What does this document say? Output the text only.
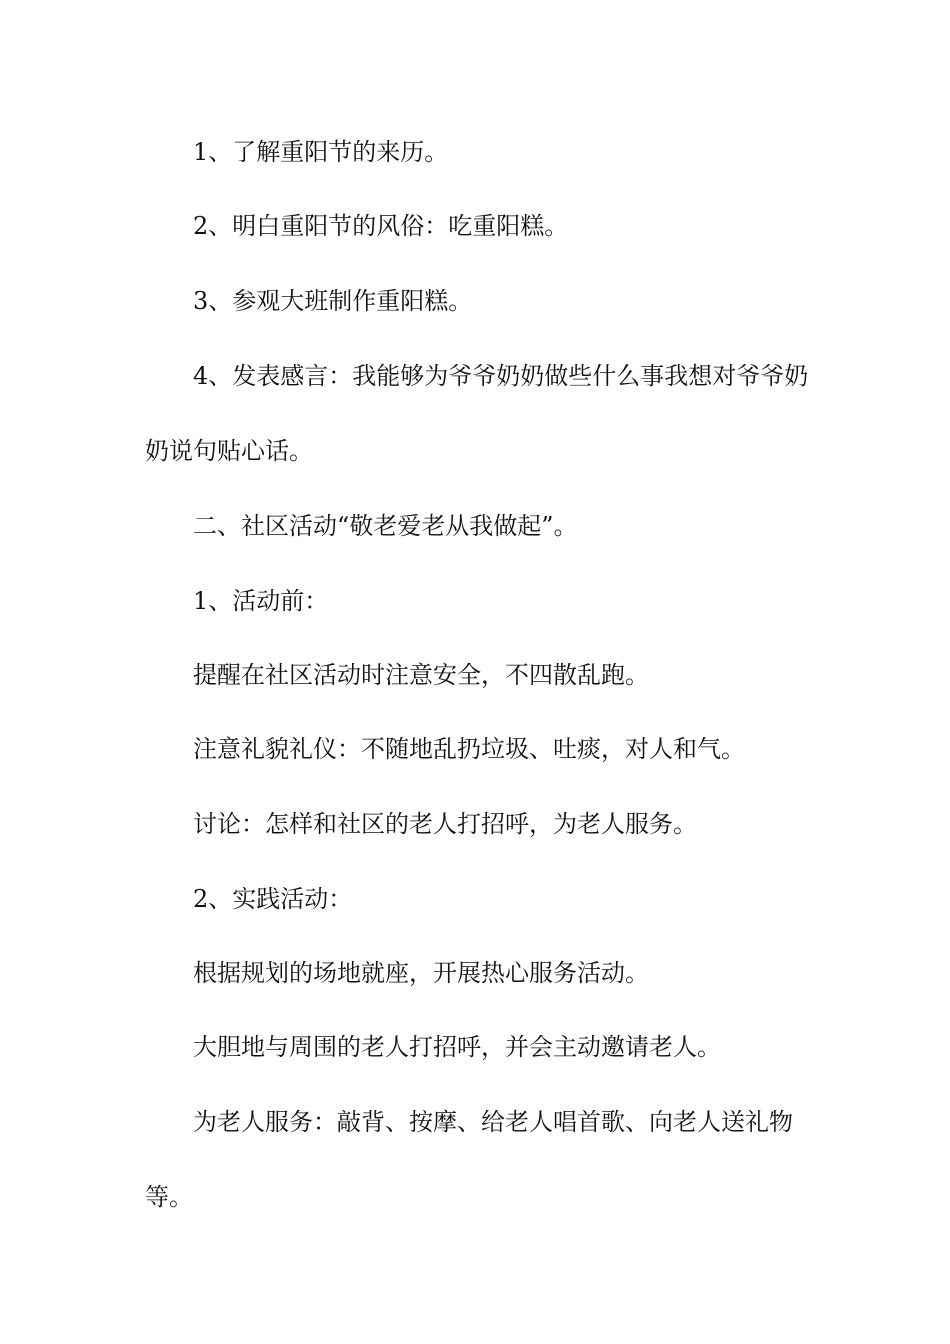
1、了解重阳节的来历。
2、明白重阳节的风俗：吃重阳糕。
3、参观大班制作重阳糕。
4、发表感言：我能够为爷爷奶奶做些什么事我想对爷爷奶
奶说句贴心话。
二、社区活动“敬老爱老从我做起”。
1、活动前：
提醒在社区活动时注意安全，不四散乱跑。
注意礼貌礼仪：不随地乱扔垃圾、吐痰，对人和气。
讨论：怎样和社区的老人打招呼，为老人服务。
2、实践活动：
根据规划的场地就座，开展热心服务活动。
大胆地与周围的老人打招呼，并会主动邀请老人。
为老人服务：敲背、按摩、给老人唱首歌、向老人送礼物
等。
